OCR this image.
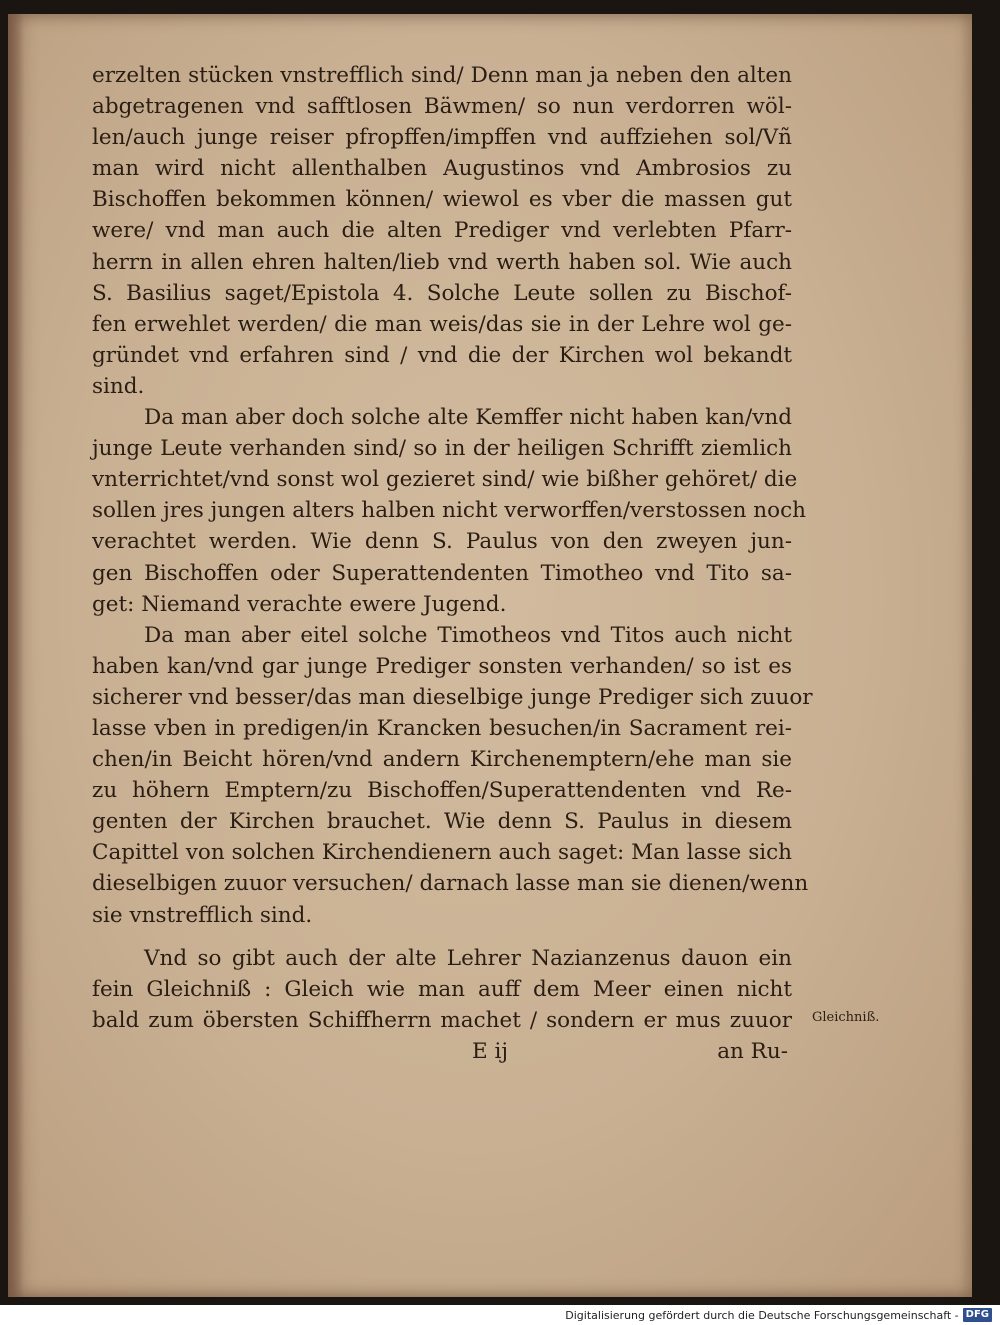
erzelten stücken vnstrefflich sind/ Denn man ja neben den alten
abgetragenen vnd safftlosen Bäwmen/ so nun verdorren wöl-
len/auch junge reiser pfropffen/impffen vnd auffziehen sol/Vñ
man wird nicht allenthalben Augustinos vnd Ambrosios zu
Bischoffen bekommen können/ wiewol es vber die massen gut
were/ vnd man auch die alten Prediger vnd verlebten Pfarr-
herrn in allen ehren halten/lieb vnd werth haben sol. Wie auch
S. Basilius saget/Epistola 4. Solche Leute sollen zu Bischof-
fen erwehlet werden/ die man weis/das sie in der Lehre wol ge-
gründet vnd erfahren sind / vnd die der Kirchen wol bekandt
sind.
Da man aber doch solche alte Kemffer nicht haben kan/vnd
junge Leute verhanden sind/ so in der heiligen Schrifft ziemlich
vnterrichtet/vnd sonst wol gezieret sind/ wie bißher gehöret/ die
sollen jres jungen alters halben nicht verworffen/verstossen noch
verachtet werden. Wie denn S. Paulus von den zweyen jun-
gen Bischoffen oder Superattendenten Timotheo vnd Tito sa-
get: Niemand verachte ewere Jugend.
Da man aber eitel solche Timotheos vnd Titos auch nicht
haben kan/vnd gar junge Prediger sonsten verhanden/ so ist es
sicherer vnd besser/das man dieselbige junge Prediger sich zuuor
lasse vben in predigen/in Krancken besuchen/in Sacrament rei-
chen/in Beicht hören/vnd andern Kirchenemptern/ehe man sie
zu höhern Emptern/zu Bischoffen/Superattendenten vnd Re-
genten der Kirchen brauchet. Wie denn S. Paulus in diesem
Capittel von solchen Kirchendienern auch saget: Man lasse sich
dieselbigen zuuor versuchen/ darnach lasse man sie dienen/wenn
sie vnstrefflich sind.
Vnd so gibt auch der alte Lehrer Nazianzenus dauon ein
fein Gleichniß : Gleich wie man auff dem Meer einen nicht
bald zum öbersten Schiffherrn machet / sondern er mus zuuor
E ij	an Ru-
Gleichniß.
Digitalisierung gefördert durch die Deutsche Forschungsgemeinschaft - DFG
